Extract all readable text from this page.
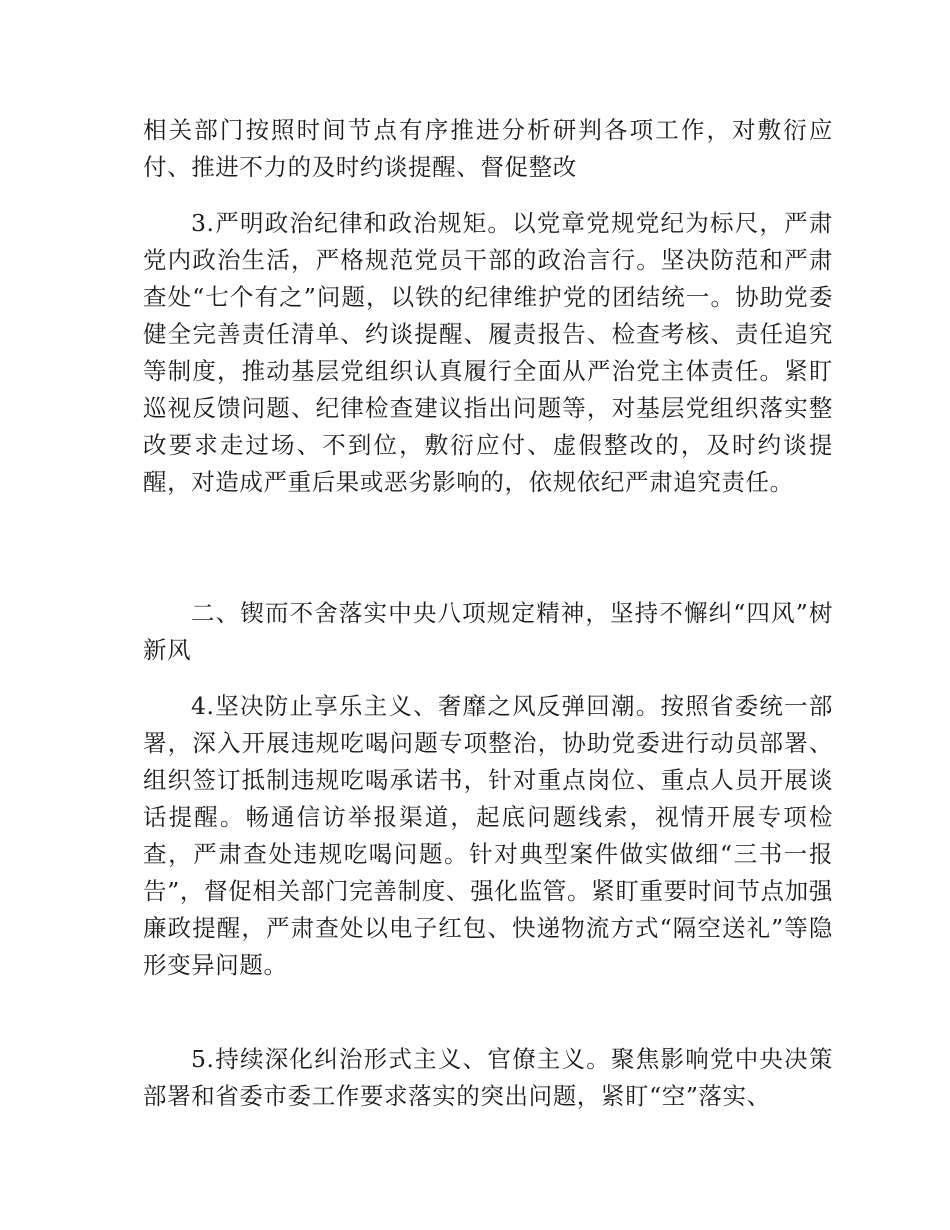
相关部门按照时间节点有序推进分析研判各项工作，对敷衍应付、推进不力的及时约谈提醒、督促整改

3.严明政治纪律和政治规矩。以党章党规党纪为标尺，严肃党内政治生活，严格规范党员干部的政治言行。坚决防范和严肃查处“七个有之”问题，以铁的纪律维护党的团结统一。协助党委健全完善责任清单、约谈提醒、履责报告、检查考核、责任追究等制度，推动基层党组织认真履行全面从严治党主体责任。紧盯巡视反馈问题、纪律检查建议指出问题等，对基层党组织落实整改要求走过场、不到位，敷衍应付、虚假整改的，及时约谈提醒，对造成严重后果或恶劣影响的，依规依纪严肃追究责任。

二、锲而不舍落实中央八项规定精神，坚持不懈纠“四风”树新风

4.坚决防止享乐主义、奢靡之风反弹回潮。按照省委统一部署，深入开展违规吃喝问题专项整治，协助党委进行动员部署、组织签订抵制违规吃喝承诺书，针对重点岗位、重点人员开展谈话提醒。畅通信访举报渠道，起底问题线索，视情开展专项检查，严肃查处违规吃喝问题。针对典型案件做实做细“三书一报告”，督促相关部门完善制度、强化监管。紧盯重要时间节点加强廉政提醒，严肃查处以电子红包、快递物流方式“隔空送礼”等隐形变异问题。

5.持续深化纠治形式主义、官僚主义。聚焦影响党中央决策部署和省委市委工作要求落实的突出问题，紧盯“空”落实、
